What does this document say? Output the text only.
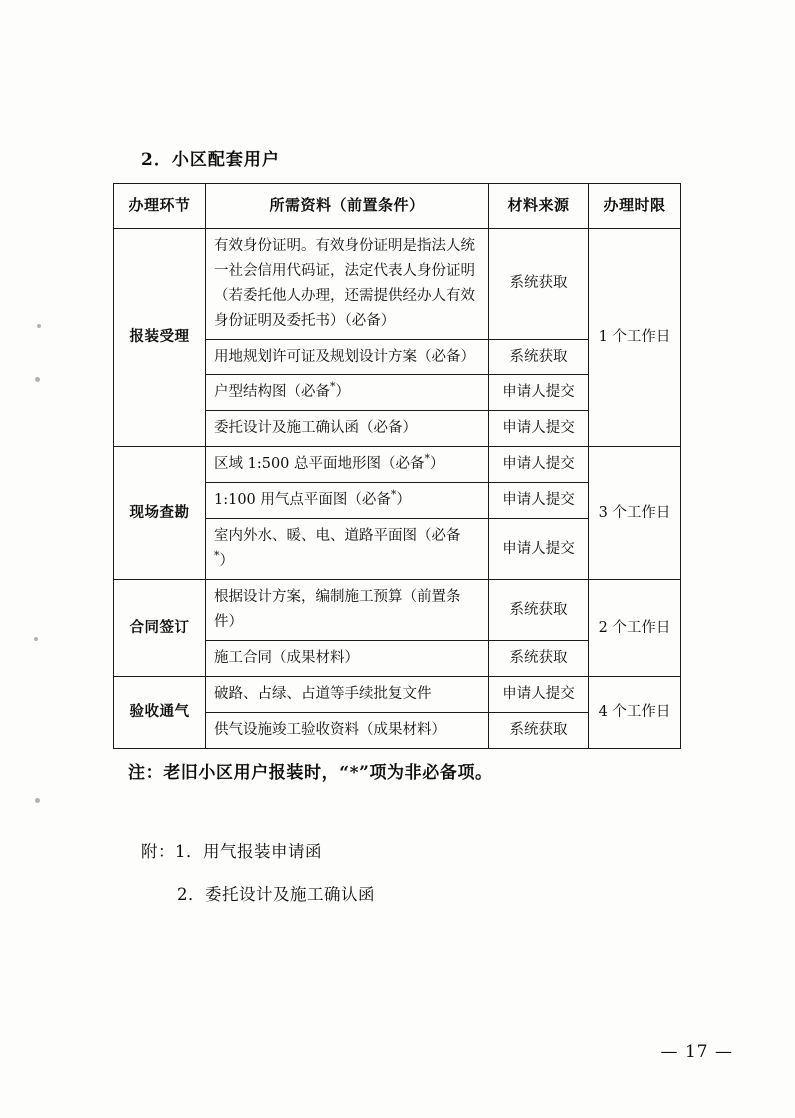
2．小区配套用户
办理环节	所需资料（前置条件）	材料来源	办理时限
报装受理	有效身份证明。有效身份证明是指法人统一社会信用代码证，法定代表人身份证明（若委托他人办理，还需提供经办人有效身份证明及委托书）（必备）	系统获取	1 个工作日
	用地规划许可证及规划设计方案（必备）	系统获取	
	户型结构图（必备*）	申请人提交	
	委托设计及施工确认函（必备）	申请人提交	
现场查勘	区域 1:500 总平面地形图（必备*）	申请人提交	3 个工作日
	1:100 用气点平面图（必备*）	申请人提交	
	室内外水、暖、电、道路平面图（必备*）	申请人提交	
合同签订	根据设计方案，编制施工预算（前置条件）	系统获取	2 个工作日
	施工合同（成果材料）	系统获取	
验收通气	破路、占绿、占道等手续批复文件	申请人提交	4 个工作日
	供气设施竣工验收资料（成果材料）	系统获取	
注：老旧小区用户报装时，“*”项为非必备项。
附：1．用气报装申请函
2．委托设计及施工确认函
— 17 —
